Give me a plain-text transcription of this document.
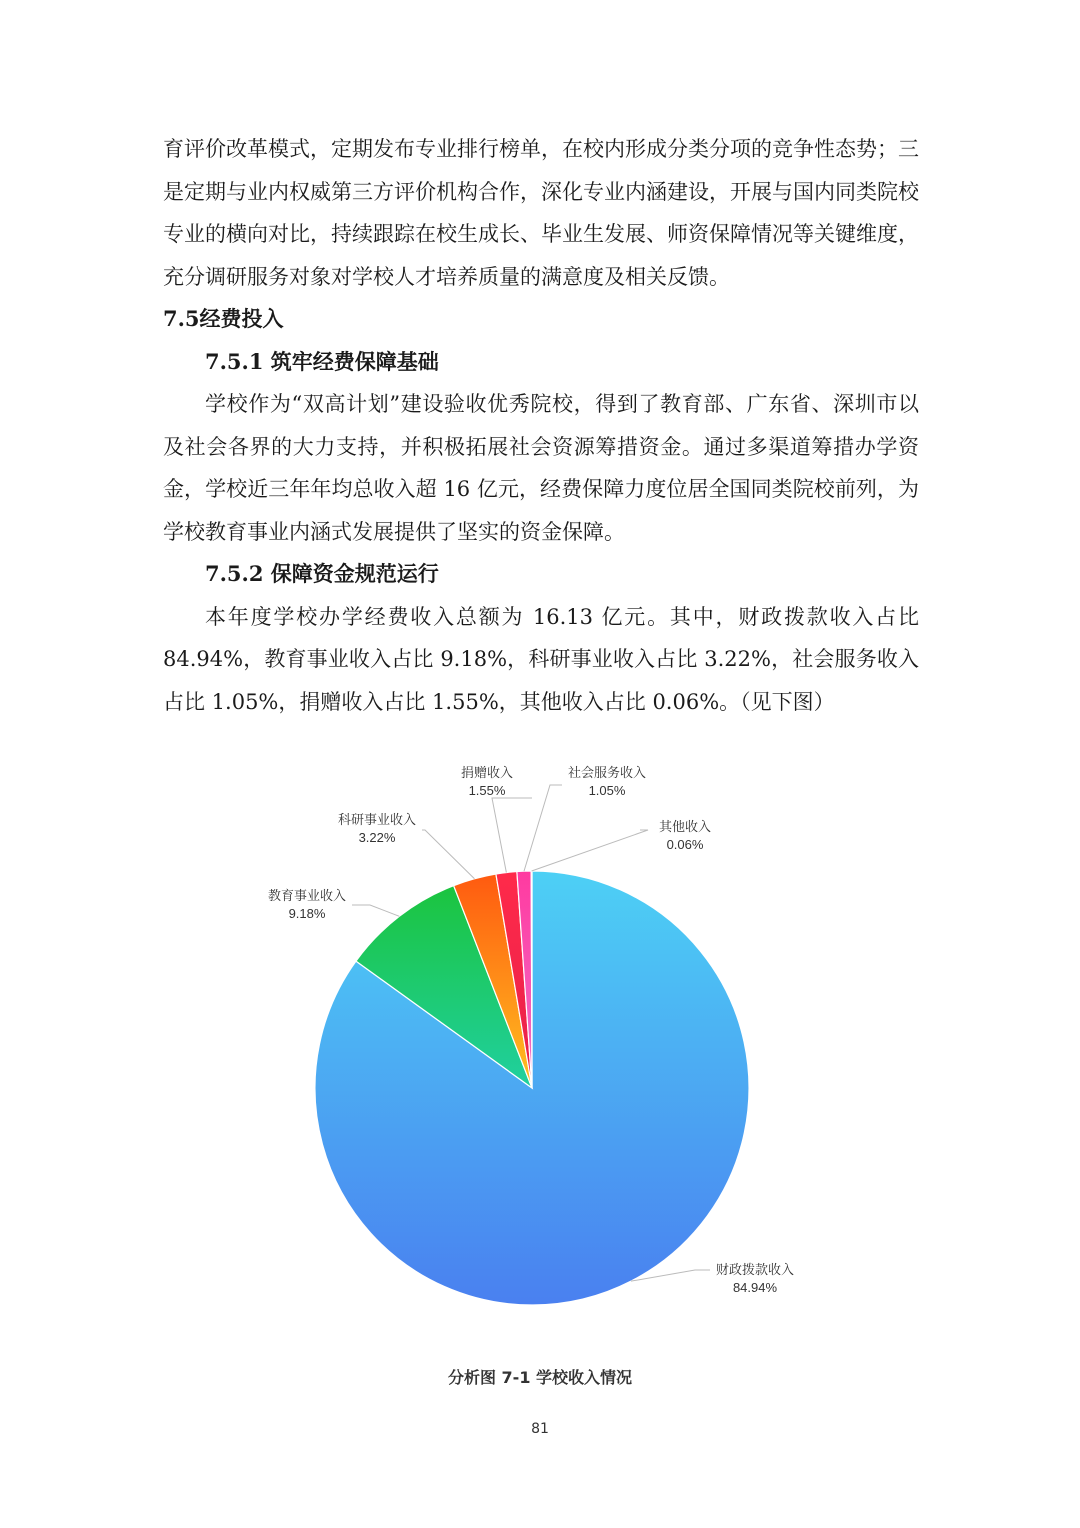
育评价改革模式，定期发布专业排行榜单，在校内形成分类分项的竞争性态势；三是定期与业内权威第三方评价机构合作，深化专业内涵建设，开展与国内同类院校专业的横向对比，持续跟踪在校生成长、毕业生发展、师资保障情况等关键维度，充分调研服务对象对学校人才培养质量的满意度及相关反馈。

7.5经费投入

7.5.1 筑牢经费保障基础

学校作为“双高计划”建设验收优秀院校，得到了教育部、广东省、深圳市以及社会各界的大力支持，并积极拓展社会资源筹措资金。通过多渠道筹措办学资金，学校近三年年均总收入超 16 亿元，经费保障力度位居全国同类院校前列，为学校教育事业内涵式发展提供了坚实的资金保障。

7.5.2 保障资金规范运行

本年度学校办学经费收入总额为 16.13 亿元。其中，财政拨款收入占比 84.94%，教育事业收入占比 9.18%，科研事业收入占比 3.22%，社会服务收入占比 1.05%，捐赠收入占比 1.55%，其他收入占比 0.06%。（见下图）

财政拨款收入
84.94%
教育事业收入
9.18%
科研事业收入
3.22%
捐赠收入
1.55%
社会服务收入
1.05%
其他收入
0.06%
分析图 7-1 学校收入情况
81
